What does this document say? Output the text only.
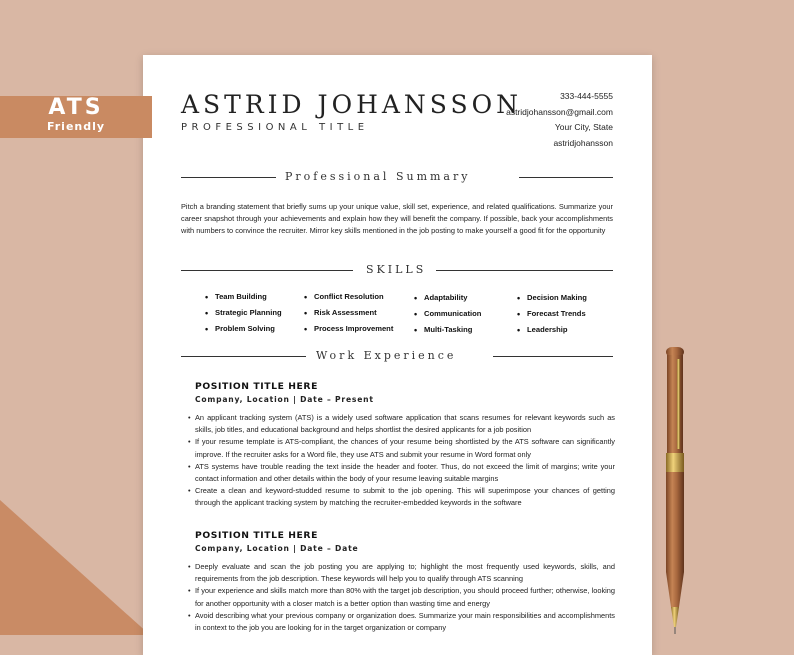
ASTRID JOHANSSON
PROFESSIONAL TITLE
333-444-5555
astridjohansson@gmail.com
Your City, State
astridjohansson
Professional Summary
Pitch a branding statement that briefly sums up your unique value, skill set, experience, and related qualifications. Summarize your career snapshot through your achievements and explain how they will benefit the company. If possible, back your accomplishments with numbers to convince the recruiter. Mirror key skills mentioned in the job posting to make yourself a good fit for the opportunity
SKILLS
• Team Building
• Strategic Planning
• Problem Solving
• Conflict Resolution
• Risk Assessment
• Process Improvement
• Adaptability
• Communication
• Multi-Tasking
• Decision Making
• Forecast Trends
• Leadership
Work Experience
POSITION TITLE HERE
Company, Location | Date – Present
• An applicant tracking system (ATS) is a widely used software application that scans resumes for relevant keywords such as skills, job titles, and educational background and helps shortlist the desired applicants for a job position
• If your resume template is ATS-compliant, the chances of your resume being shortlisted by the ATS software can significantly improve. If the recruiter asks for a Word file, they use ATS and submit your resume in Word format only
• ATS systems have trouble reading the text inside the header and footer. Thus, do not exceed the limit of margins; write your contact information and other details within the body of your resume leaving suitable margins
• Create a clean and keyword-studded resume to submit to the job opening. This will superimpose your chances of getting through the applicant tracking system by matching the recruiter-embedded keywords in the software
POSITION TITLE HERE
Company, Location | Date – Date
• Deeply evaluate and scan the job posting you are applying to; highlight the most frequently used keywords, skills, and requirements from the job description. These keywords will help you to qualify through ATS scanning
• If your experience and skills match more than 80% with the target job description, you should proceed further; otherwise, looking for another opportunity with a closer match is a better option than wasting time and energy
• Avoid describing what your previous company or organization does. Summarize your main responsibilities and accomplishments in context to the job you are looking for in the target organization or company
ATS
Friendly
